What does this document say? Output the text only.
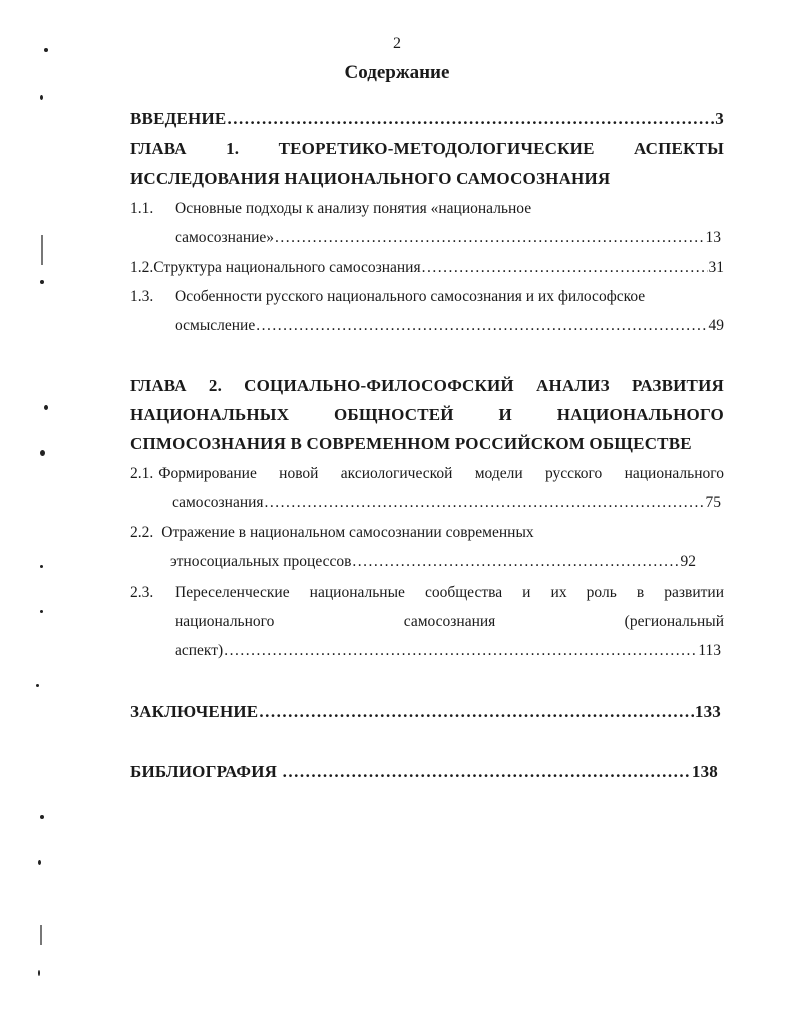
2
Содержание
ВВЕДЕНИЕ .....	3
ГЛАВА 1. ТЕОРЕТИКО-МЕТОДОЛОГИЧЕСКИЕ АСПЕКТЫ
ИССЛЕДОВАНИЯ НАЦИОНАЛЬНОГО САМОСОЗНАНИЯ
1.1. Основные подходы к анализу понятия «национальное
самосознание» .....	13
1.2. Структура национального самосознания .....	31
1.3. Особенности русского национального самосознания и их философское
осмысление .....	49
ГЛАВА 2. СОЦИАЛЬНО-ФИЛОСОФСКИЙ АНАЛИЗ РАЗВИТИЯ
НАЦИОНАЛЬНЫХ	ОБЩНОСТЕЙ	И	НАЦИОНАЛЬНОГО
СПМОСОЗНАНИЯ В СОВРЕМЕННОМ РОССИЙСКОМ ОБЩЕСТВЕ
2.1. Формирование новой аксиологической модели русского национального
самосознания .....	75
2.2. Отражение в национальном самосознании современных
этносоциальных процессов .....	92
2.3.	Переселенческие национальные сообщества и их роль в развитии
национального	самосознания	(региональный
аспект) .....	113
ЗАКЛЮЧЕНИЕ .....	133
БИБЛИОГРАФИЯ .....	138
